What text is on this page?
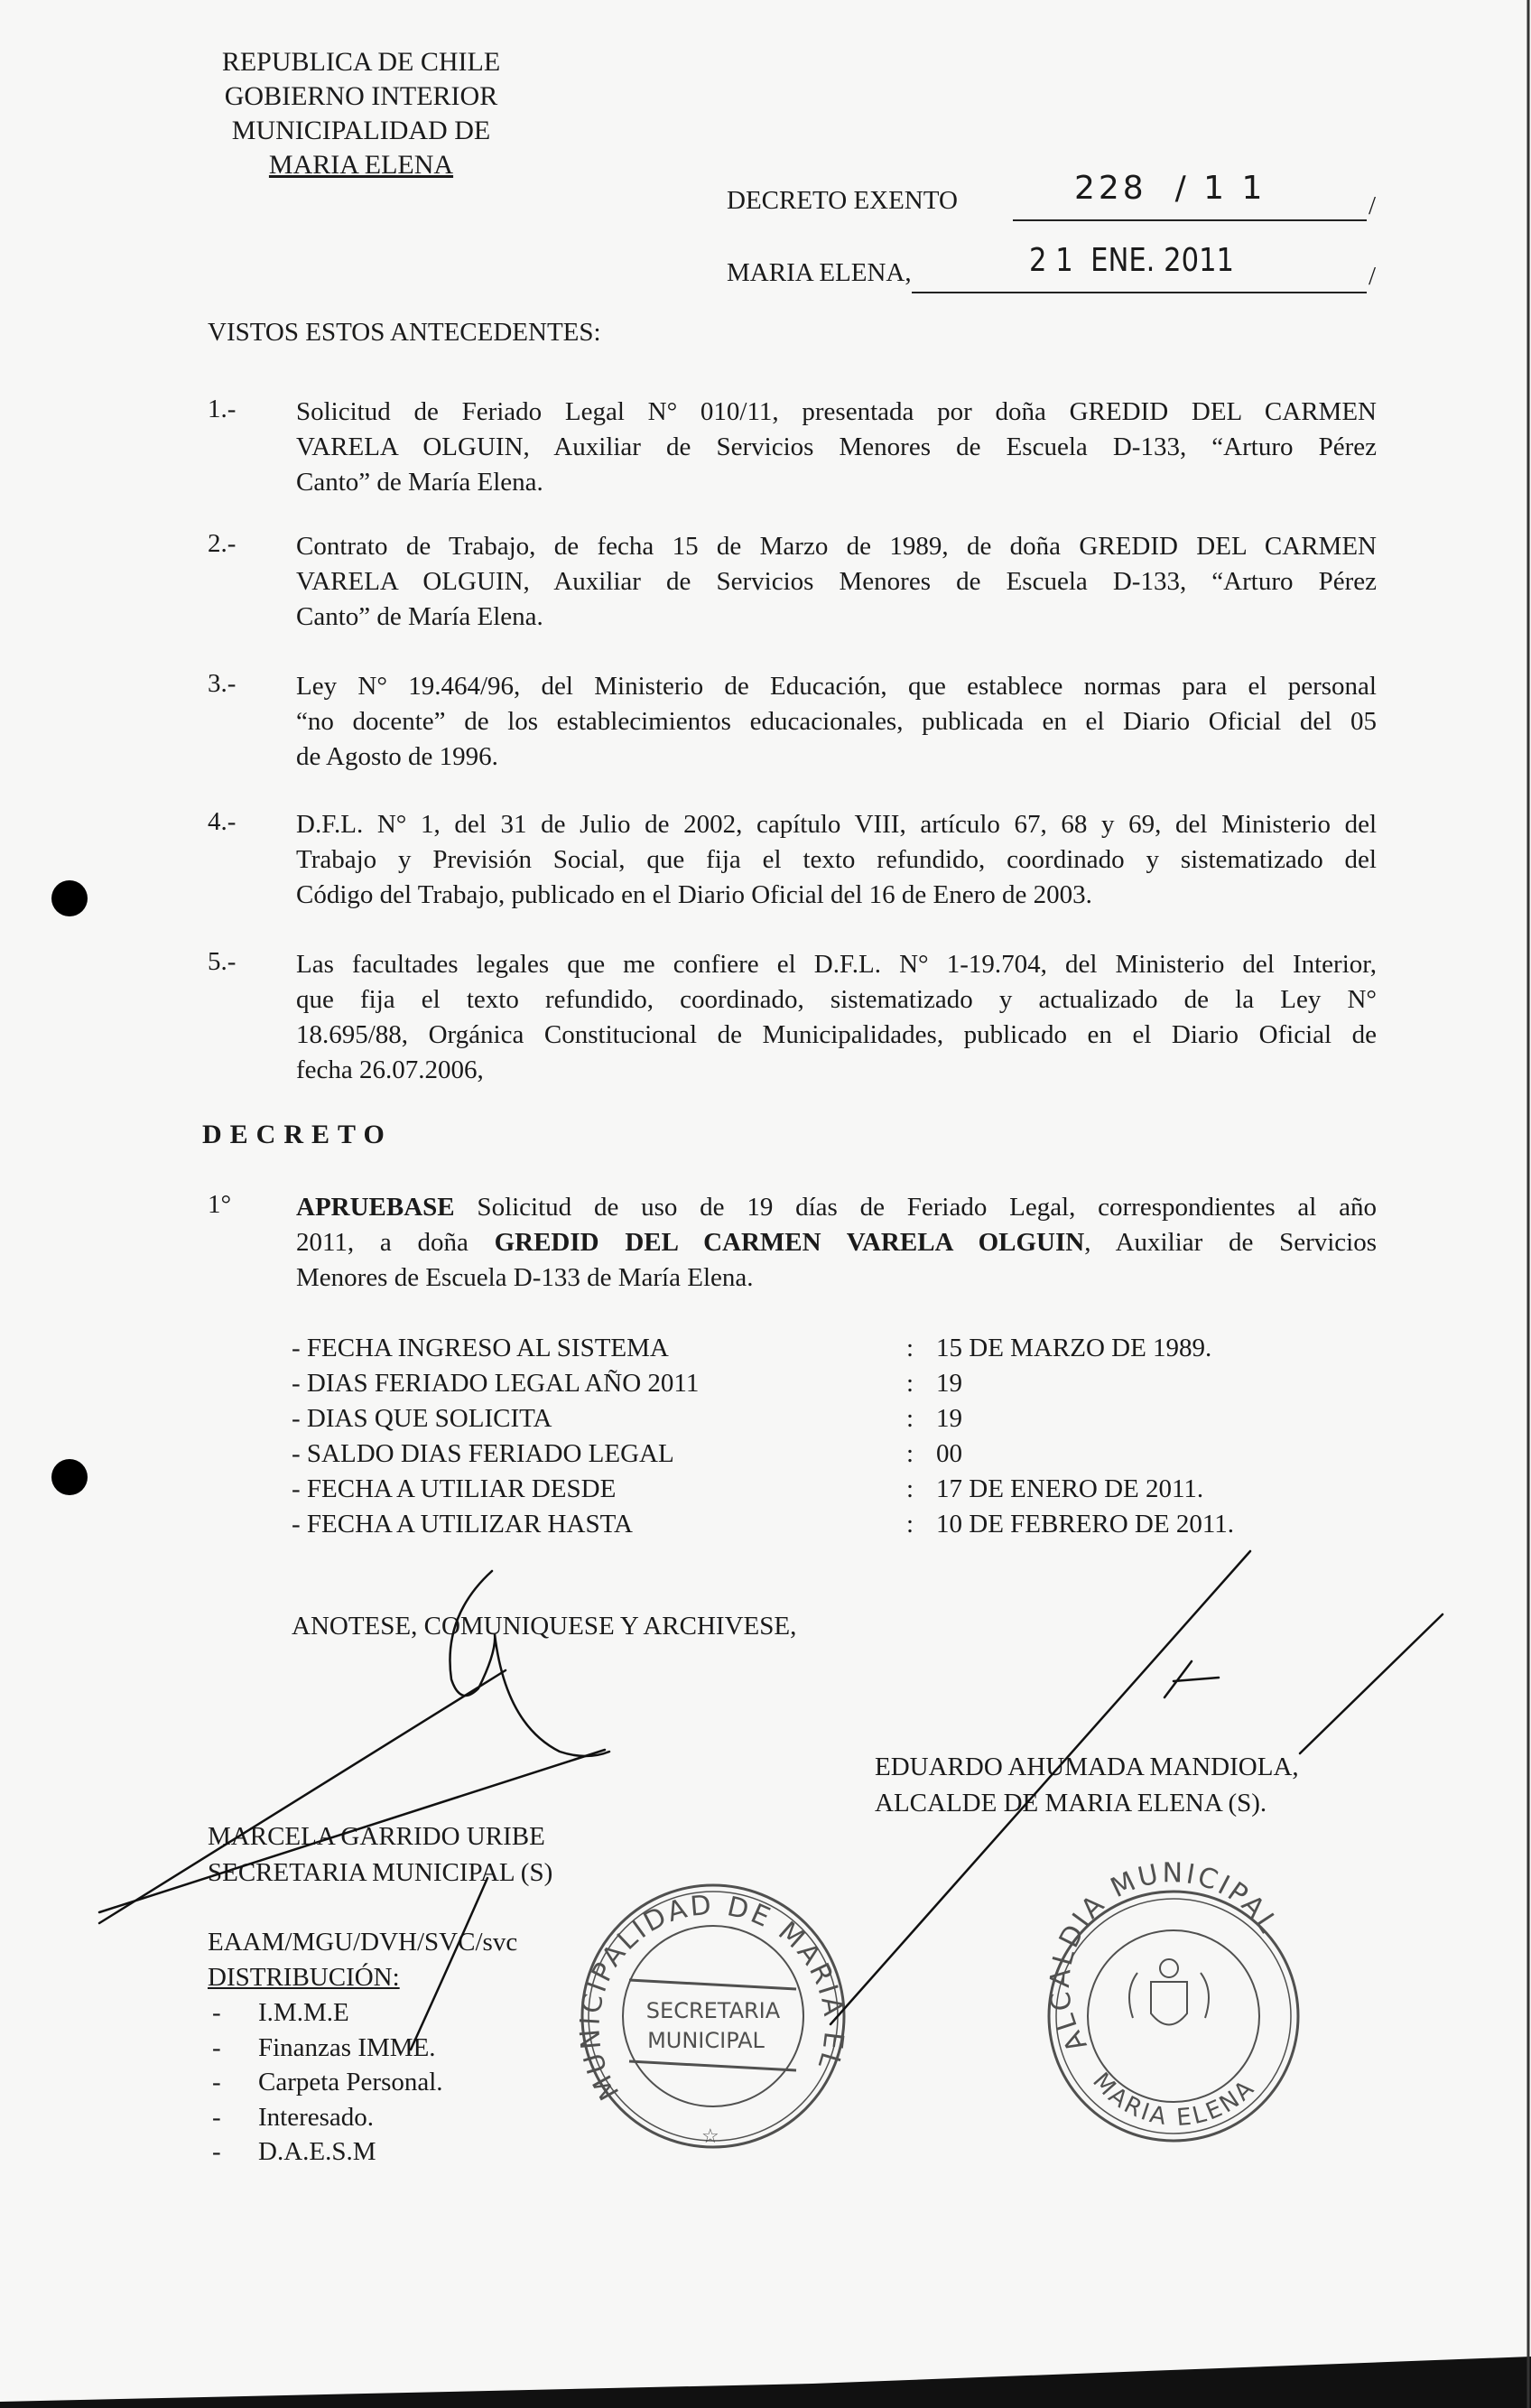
REPUBLICA DE CHILE
GOBIERNO INTERIOR
MUNICIPALIDAD DE
MARIA ELENA
DECRETO EXENTO	228  / 1 1	/
MARIA ELENA,	2 1  ENE. 2011	/
VISTOS ESTOS ANTECEDENTES:
1.- Solicitud de Feriado Legal N° 010/11, presentada por doña GREDID DEL CARMEN
VARELA OLGUIN, Auxiliar de Servicios Menores de Escuela D-133, “Arturo Pérez
Canto” de María Elena.
2.- Contrato de Trabajo, de fecha 15 de Marzo de 1989, de doña GREDID DEL CARMEN
VARELA OLGUIN, Auxiliar de Servicios Menores de Escuela D-133, “Arturo Pérez
Canto” de María Elena.
3.- Ley N° 19.464/96, del Ministerio de Educación, que establece normas para el personal
“no docente” de los establecimientos educacionales, publicada en el Diario Oficial del 05
de Agosto de 1996.
4.- D.F.L. N° 1, del 31 de Julio de 2002, capítulo VIII, artículo 67, 68 y 69, del Ministerio del
Trabajo y Previsión Social, que fija el texto refundido, coordinado y sistematizado del
Código del Trabajo, publicado en el Diario Oficial del 16 de Enero de 2003.
5.- Las facultades legales que me confiere el D.F.L. N° 1-19.704, del Ministerio del Interior,
que fija el texto refundido, coordinado, sistematizado y actualizado de la Ley N°
18.695/88, Orgánica Constitucional de Municipalidades, publicado en el Diario Oficial de
fecha 26.07.2006,
DECRETO
1° APRUEBASE Solicitud de uso de 19 días de Feriado Legal, correspondientes al año
2011, a doña GREDID DEL CARMEN VARELA OLGUIN, Auxiliar de Servicios
Menores de Escuela D-133 de María Elena.
- FECHA INGRESO AL SISTEMA	: 15 DE MARZO DE 1989.
- DIAS FERIADO LEGAL AÑO 2011	: 19
- DIAS QUE SOLICITA	: 19
- SALDO DIAS FERIADO LEGAL	: 00
- FECHA A UTILIAR DESDE	: 17 DE ENERO DE 2011.
- FECHA A UTILIZAR HASTA	: 10 DE FEBRERO DE 2011.
ANOTESE, COMUNIQUESE Y ARCHIVESE,
MARCELA GARRIDO URIBE
SECRETARIA MUNICIPAL (S)
EDUARDO AHUMADA MANDIOLA,
ALCALDE DE MARIA ELENA (S).
EAAM/MGU/DVH/SVC/svc
DISTRIBUCIÓN:
- I.M.M.E
- Finanzas IMME.
- Carpeta Personal.
- Interesado.
- D.A.E.S.M
MUNICIPALIDAD DE MARIA ELENA
SECRETARIA
MUNICIPAL
☆
ALCALDIA MUNICIPAL
MARIA ELENA
